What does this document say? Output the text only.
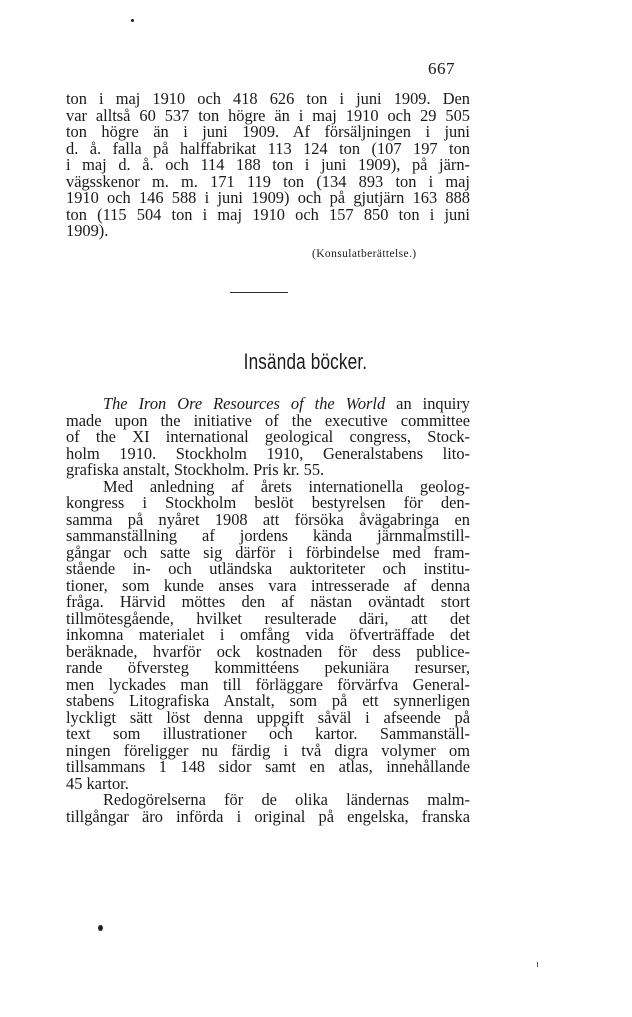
667
ton i maj 1910 och 418 626 ton i juni 1909. Den
var alltså 60 537 ton högre än i maj 1910 och 29 505
ton högre än i juni 1909. Af försäljningen i juni
d. å. falla på halffabrikat 113 124 ton (107 197 ton
i maj d. å. och 114 188 ton i juni 1909), på järn-
vägsskenor m. m. 171 119 ton (134 893 ton i maj
1910 och 146 588 i juni 1909) och på gjutjärn 163 888
ton (115 504 ton i maj 1910 och 157 850 ton i juni
1909).
(Konsulatberättelse.)
Insända böcker.
The Iron Ore Resources of the World an inquiry
made upon the initiative of the executive committee
of the XI international geological congress, Stock-
holm 1910. Stockholm 1910, Generalstabens lito-
grafiska anstalt, Stockholm. Pris kr. 55.
Med anledning af årets internationella geolog-
kongress i Stockholm beslöt bestyrelsen för den-
samma på nyåret 1908 att försöka åvägabringa en
sammanställning af jordens kända järnmalmstill-
gångar och satte sig därför i förbindelse med fram-
stående in- och utländska auktoriteter och institu-
tioner, som kunde anses vara intresserade af denna
fråga. Härvid möttes den af nästan oväntadt stort
tillmötesgående, hvilket resulterade däri, att det
inkomna materialet i omfång vida öfverträffade det
beräknade, hvarför ock kostnaden för dess publice-
rande öfversteg kommittéens pekuniära resurser,
men lyckades man till förläggare förvärfva General-
stabens Litografiska Anstalt, som på ett synnerligen
lyckligt sätt löst denna uppgift såväl i afseende på
text som illustrationer och kartor. Sammanställ-
ningen föreligger nu färdig i två digra volymer om
tillsammans 1 148 sidor samt en atlas, innehållande
45 kartor.
Redogörelserna för de olika ländernas malm-
tillgångar äro införda i original på engelska, franska
